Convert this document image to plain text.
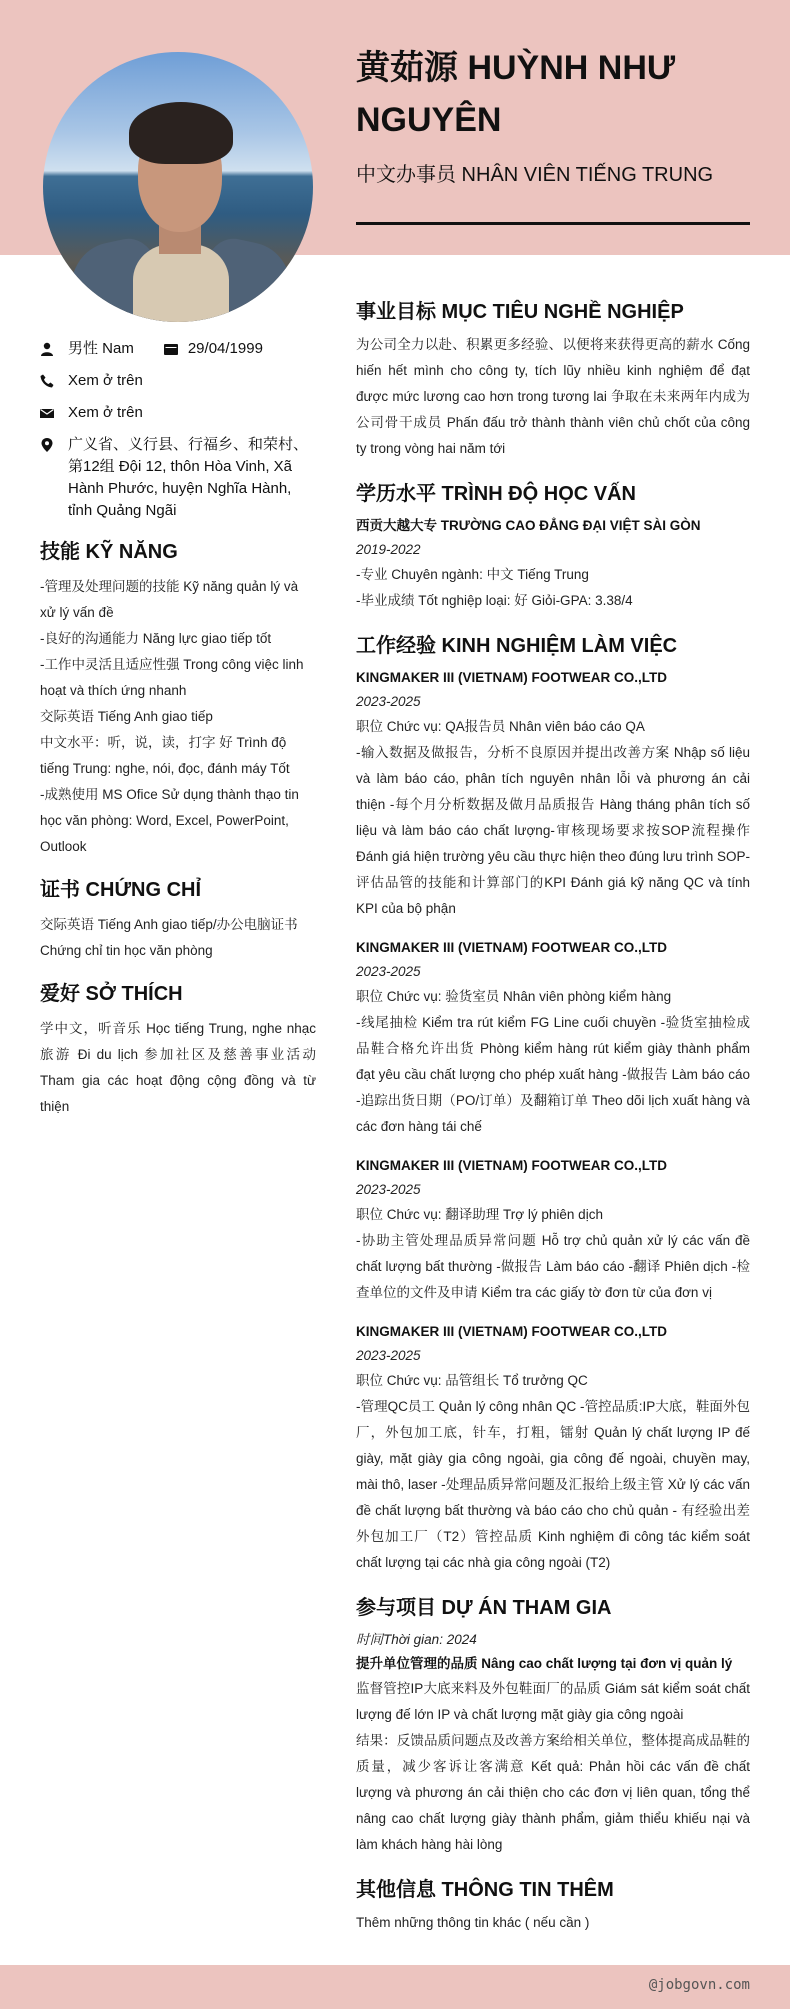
黄茹源 HUỲNH NHƯ NGUYÊN
中文办事员 NHÂN VIÊN TIẾNG TRUNG
男性 Nam	29/04/1999
Xem ở trên
Xem ở trên
广义省、义行县、行福乡、和荣村、第12组 Đội 12, thôn Hòa Vinh, Xã Hành Phước, huyện Nghĩa Hành, tỉnh Quảng Ngãi
技能 KỸ NĂNG
-管理及处理问题的技能 Kỹ năng quản lý và xử lý vấn đề
-良好的沟通能力 Năng lực giao tiếp tốt
-工作中灵活且适应性强 Trong công việc linh hoạt và thích ứng nhanh
交际英语 Tiếng Anh giao tiếp
中文水平：听，说，读，打字 好 Trình độ tiếng Trung: nghe, nói, đọc, đánh máy Tốt
-成熟使用 MS Ofice Sử dụng thành thạo tin học văn phòng: Word, Excel, PowerPoint, Outlook
证书 CHỨNG CHỈ
交际英语 Tiếng Anh giao tiếp/办公电脑证书 Chứng chỉ tin học văn phòng
爱好 SỞ THÍCH
学中文，听音乐 Học tiếng Trung, nghe nhạc 旅游 Đi du lịch 参加社区及慈善事业活动 Tham gia các hoạt động cộng đồng và từ thiện
事业目标 MỤC TIÊU NGHỀ NGHIỆP
为公司全力以赴、积累更多经验、以便将来获得更高的薪水 Cống hiến hết mình cho công ty, tích lũy nhiều kinh nghiệm để đạt được mức lương cao hơn trong tương lai 争取在未来两年内成为公司骨干成员 Phấn đấu trở thành thành viên chủ chốt của công ty trong vòng hai năm tới
学历水平 TRÌNH ĐỘ HỌC VẤN
西贡大越大专 TRƯỜNG CAO ĐẲNG ĐẠI VIỆT SÀI GÒN
2019-2022
-专业 Chuyên ngành: 中文 Tiếng Trung
-毕业成绩 Tốt nghiệp loại: 好 Giỏi-GPA: 3.38/4
工作经验 KINH NGHIỆM LÀM VIỆC
KINGMAKER III (VIETNAM) FOOTWEAR CO.,LTD
2023-2025
职位 Chức vụ: QA报告员 Nhân viên báo cáo QA
-输入数据及做报告，分析不良原因并提出改善方案 Nhập số liệu và làm báo cáo, phân tích nguyên nhân lỗi và phương án cải thiện -每个月分析数据及做月品质报告 Hàng tháng phân tích số liệu và làm báo cáo chất lượng-审核现场要求按SOP流程操作 Đánh giá hiện trường yêu cầu thực hiện theo đúng lưu trình SOP-评估品管的技能和计算部门的KPI Đánh giá kỹ năng QC và tính KPI của bộ phận
KINGMAKER III (VIETNAM) FOOTWEAR CO.,LTD
2023-2025
职位 Chức vụ: 验货室员 Nhân viên phòng kiểm hàng
-线尾抽检 Kiểm tra rút kiểm FG Line cuối chuyền -验货室抽检成品鞋合格允许出货 Phòng kiểm hàng rút kiểm giày thành phẩm đạt yêu cầu chất lượng cho phép xuất hàng -做报告 Làm báo cáo -追踪出货日期（PO/订单）及翻箱订单 Theo dõi lịch xuất hàng và các đơn hàng tái chế
KINGMAKER III (VIETNAM) FOOTWEAR CO.,LTD
2023-2025
职位 Chức vụ: 翻译助理 Trợ lý phiên dịch
-协助主管处理品质异常问题 Hỗ trợ chủ quản xử lý các vấn đề chất lượng bất thường -做报告 Làm báo cáo -翻译 Phiên dịch -检查单位的文件及申请 Kiểm tra các giấy tờ đơn từ của đơn vị
KINGMAKER III (VIETNAM) FOOTWEAR CO.,LTD
2023-2025
职位 Chức vụ: 品管组长 Tổ trưởng QC
-管理QC员工 Quản lý công nhân QC -管控品质:IP大底，鞋面外包厂，外包加工底，针车，打粗，镭射 Quản lý chất lượng IP đế giày, mặt giày gia công ngoài, gia công đế ngoài, chuyền may, mài thô, laser -处理品质异常问题及汇报给上级主管 Xử lý các vấn đề chất lượng bất thường và báo cáo cho chủ quản - 有经验出差外包加工厂（T2）管控品质 Kinh nghiệm đi công tác kiểm soát chất lượng tại các nhà gia công ngoài (T2)
参与项目 DỰ ÁN THAM GIA
时间Thời gian: 2024
提升单位管理的品质 Nâng cao chất lượng tại đơn vị quản lý
监督管控IP大底来料及外包鞋面厂的品质 Giám sát kiểm soát chất lượng đế lớn IP và chất lượng mặt giày gia công ngoài
结果：反馈品质问题点及改善方案给相关单位，整体提高成品鞋的质量，减少客诉让客满意 Kết quả: Phản hồi các vấn đề chất lượng và phương án cải thiện cho các đơn vị liên quan, tổng thể nâng cao chất lượng giày thành phẩm, giảm thiểu khiếu nại và làm khách hàng hài lòng
其他信息 THÔNG TIN THÊM
Thêm những thông tin khác ( nếu cần )
@jobgovn.com
